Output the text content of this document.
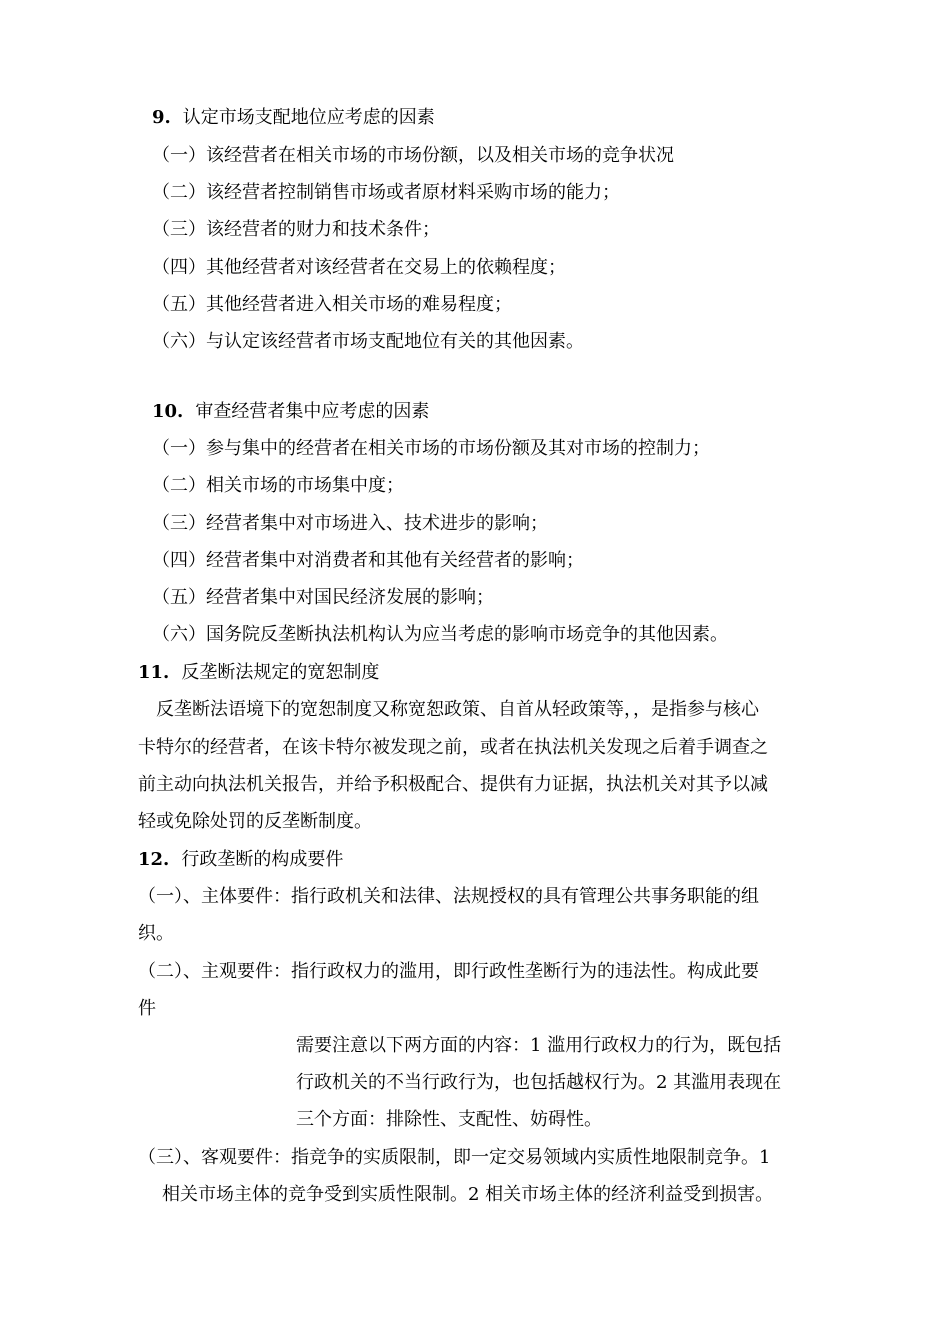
9. 认定市场支配地位应考虑的因素
（一）该经营者在相关市场的市场份额，以及相关市场的竞争状况
（二）该经营者控制销售市场或者原材料采购市场的能力；
（三）该经营者的财力和技术条件；
（四）其他经营者对该经营者在交易上的依赖程度；
（五）其他经营者进入相关市场的难易程度；
（六）与认定该经营者市场支配地位有关的其他因素。
10. 审查经营者集中应考虑的因素
（一）参与集中的经营者在相关市场的市场份额及其对市场的控制力；
（二）相关市场的市场集中度；
（三）经营者集中对市场进入、技术进步的影响；
（四）经营者集中对消费者和其他有关经营者的影响；
（五）经营者集中对国民经济发展的影响；
（六）国务院反垄断执法机构认为应当考虑的影响市场竞争的其他因素。
11. 反垄断法规定的宽恕制度
反垄断法语境下的宽恕制度又称宽恕政策、自首从轻政策等，，是指参与核心
卡特尔的经营者，在该卡特尔被发现之前，或者在执法机关发现之后着手调查之
前主动向执法机关报告，并给予积极配合、提供有力证据，执法机关对其予以减
轻或免除处罚的反垄断制度。
12. 行政垄断的构成要件
（一）、主体要件：指行政机关和法律、法规授权的具有管理公共事务职能的组
织。
（二）、主观要件：指行政权力的滥用，即行政性垄断行为的违法性。构成此要
件
需要注意以下两方面的内容：1 滥用行政权力的行为，既包括
行政机关的不当行政行为，也包括越权行为。2 其滥用表现在
三个方面：排除性、支配性、妨碍性。
（三）、客观要件：指竞争的实质限制，即一定交易领域内实质性地限制竞争。1
相关市场主体的竞争受到实质性限制。2 相关市场主体的经济利益受到损害。
